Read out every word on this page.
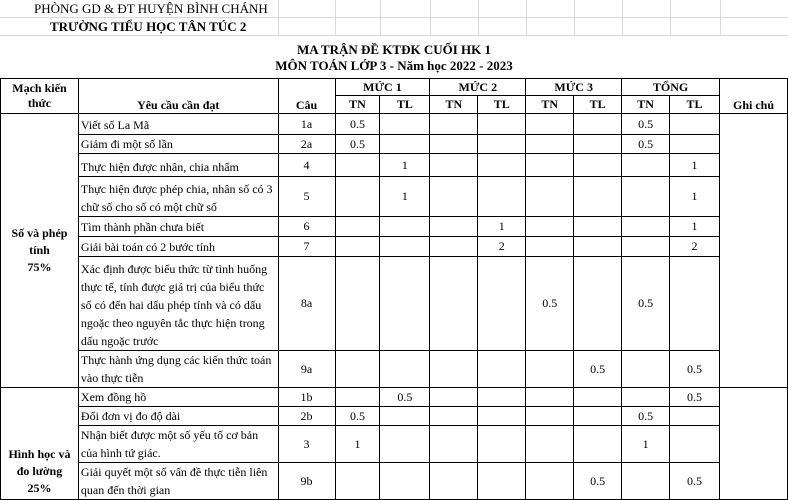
PHÒNG GD & ĐT HUYỆN BÌNH CHÁNH
TRƯỜNG TIỂU HỌC TÂN TÚC 2
MA TRẬN ĐỀ KTĐK CUỐI HK 1
MÔN TOÁN LỚP 3 - Năm học 2022 - 2023
Mạch kiến thức	Yêu cầu cần đạt	Câu	MỨC 1		MỨC 2		MỨC 3		TỔNG		Ghi chú
			TN	TL	TN	TL	TN	TL	TN	TL	

Số và phép tính
75%	Viết số La Mã	1a	0.5						0.5		
	Giảm đi một số lần	2a	0.5						0.5		
	Thực hiện được nhân, chia nhẩm	4		1						1	
	Thực hiện được phép chia, nhân số có 3 chữ số cho số có một chữ số	5		1						1	
	Tìm thành phần chưa biết	6				1				1	
	Giải bài toán có 2 bước tính	7				2				2	
	Xác định được biểu thức từ tình huống thực tế, tính được giá trị của biểu thức số có đến hai dấu phép tính và có dấu ngoặc theo nguyên tắc thực hiện trong dấu ngoặc trước	8a					0.5		0.5		
	Thực hành ứng dụng các kiến thức toán vào thực tiễn	9a						0.5		0.5	

Hình học và đo lường
25%	Xem đồng hồ	1b		0.5						0.5	
	Đổi đơn vị đo độ dài	2b	0.5						0.5		
	Nhận biết được một số yếu tố cơ bản của hình tứ giác.	3	1						1		
	Giải quyết một số vấn đề thực tiễn liên quan đến thời gian	9b						0.5		0.5	
